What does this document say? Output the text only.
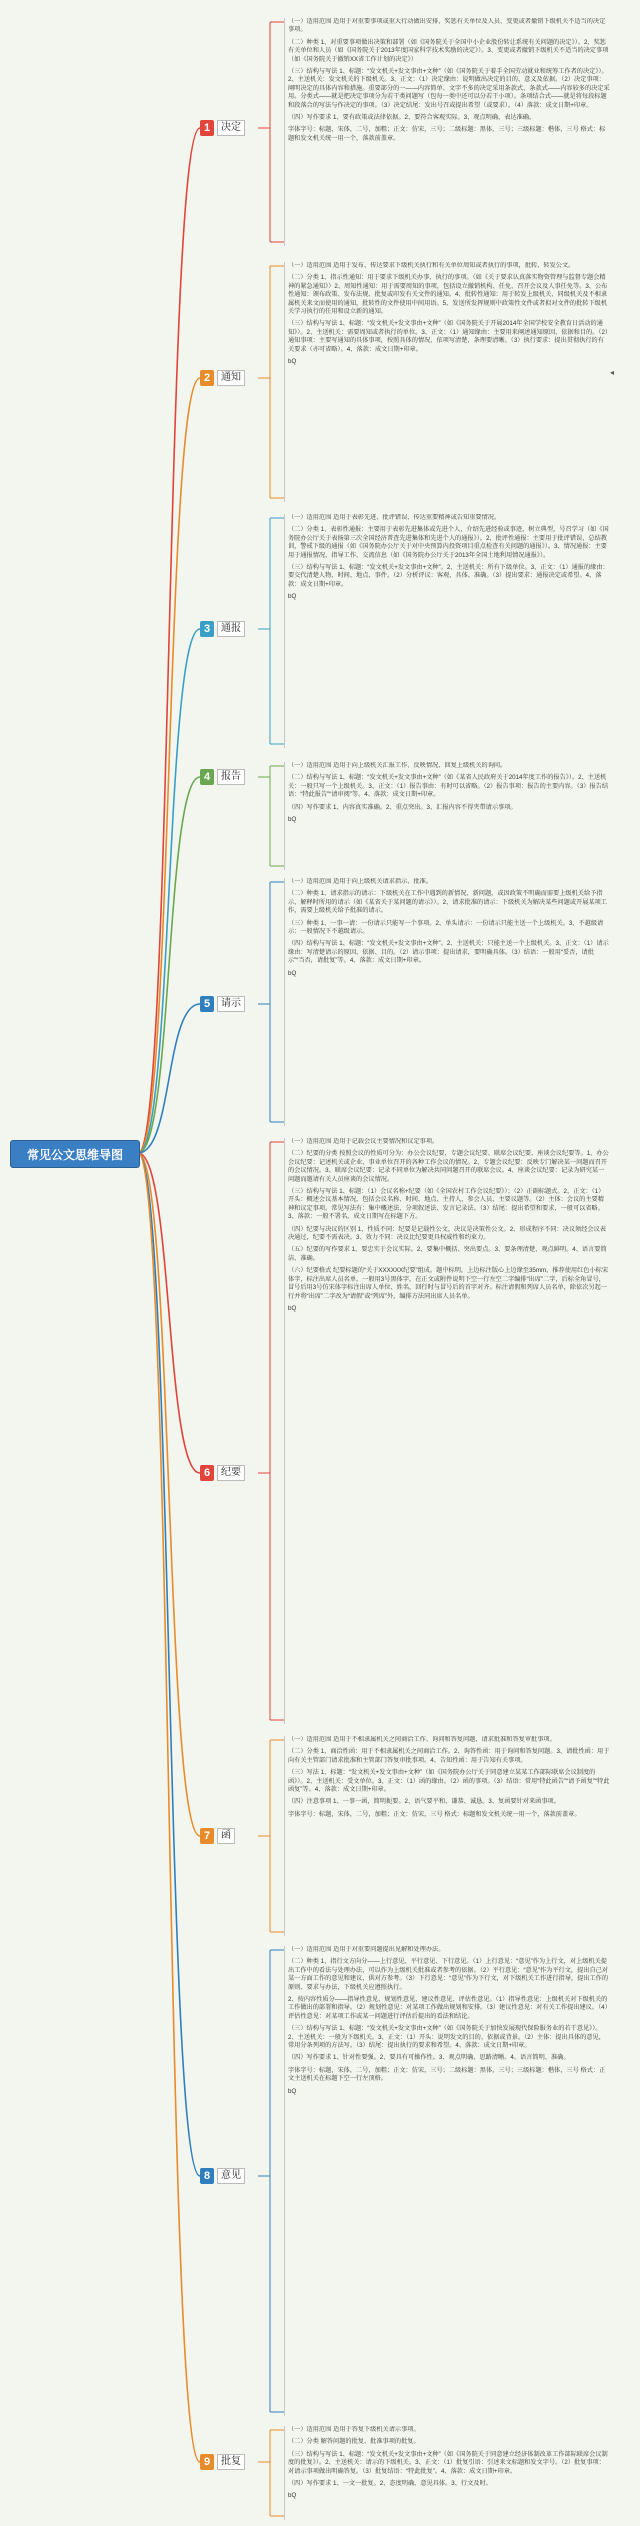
常见公文思维导图
1	决定

（一）适用范围 适用于对重要事项或重大行动做出安排、奖惩有关单位及人员、变更或者撤销下级机关不适当的决定事项。

（二）种类 1、对重要事项做出决策和部署（如《国务院关于全国中小企业股份转让系统有关问题的决定》）。2、奖惩有关单位和人员（如《国务院关于2013年度国家科学技术奖励的决定》）。3、变更或者撤销下级机关不适当的决定事项（如《国务院关于撤销XX省工作计划的决定》）

（三）结构与写法 1、标题：“发文机关+发文事由+文种”（如《国务院关于着手全国劳动就业和统筹工作者的决定》）。2、主送机关：发文机关的下级机关。3、正文：（1）决定缘由：说明做出决定的目的、意义及依据。（2）决定事项：阐明决定的具体内容和措施。重要部分的一——内容简单、文字不多的决定采用条款式、条款式——内容较多的决定采用。分类式——就是把决定事项分为若干类问题写（包每一类中还可以分若干小项）。条项结合式——就是将每段标题和段落合的写法与作决定的事项。（3）决定结尾：发出号召或提出希望（或要求）。（4）落款：成文日期+印章。

（四）写作要求 1、要有政策或法律依据。2、要符合客观实际。3、观点明确、表达准确。

字体字号：标题，宋体，二号，加粗；正文：仿宋，三号；二级标题：黑体，三号；三级标题：楷体，三号 格式：标题和发文机关统一用一个，落款前盖章。

2	通知

（一）适用范围 适用于发布、传达要求下级机关执行和有关单位周知或者执行的事项，批转、转发公文。

（二）分类 1、指示性通知：用于要求下级机关办事、执行的事项。（如《关于要求认真落实物资管理与监督专题会精神的紧急通知》）2、周知性通知：用于需要周知的事项，包括设立撤销机构、任免、召开会议及人事任免等。3、公布性通知：颁布政策、发布法规、批复或印发有关文件的通知。4、批转性通知：用于转发上级机关、同级机关及不相隶属机关来文而使用的通知，批转性的文件使用中间用语。5、发送所发挥规则中政策性文件或者拟对文件的批转下级机关学习执行的任用和设立新的通知。

（三）结构与写法 1、标题：“发文机关+发文事由+文种”（如《国务院关于开展2014年全国学校安全教育日活动的通知》）。2、主送机关：需要周知或者执行的单位。3、正文：（1）通知缘由：主要用来阐述通知原因、依据和目的。（2）通知事项：主要写通知的具体事项，按照具体的情况，依项写清楚，条理要清晰。（3）执行要求：提出贯彻执行的有关要求（亦可省略）。4、落款：成文日期+印章。

bQ

3	通报

（一）适用范围 适用于表彰先进、批评错误、传达重要精神或告知重要情况。

（二）分类 1、表彰性通报：主要用于表彰先进集体或先进个人，介绍先进经验或事迹，树立典型，号召学习（如《国务院办公厅关于表扬第三次全国经济普查先进集体和先进个人的通报》）。2、批评性通报：主要用于批评错误，总结教训，警戒下级的通报（如《国务院办公厅关于对中央预算内投资项目重点检查有关问题的通报》）。3、情况通报：主要用于通报情况，指导工作、交流信息（如《国务院办公厅关于2013年全国土地利用情况通报》）。

（三）结构与写法 1、标题：“发文机关+发文事由+文种”。2、主送机关：所有下级单位。3、正文：（1）通报的缘由：要交代清楚人物、时间、地点、事件。（2）分析评议：客观、具体、准确。（3）提出要求：通报决定或希望。4、落款：成文日期+印章。

bQ

4	报告

（一）适用范围 适用于向上级机关汇报工作、反映情况、回复上级机关的询问。

（二）结构与写法 1、标题：“发文机关+发文事由+文种”（如《某省人民政府关于2014年度工作的报告》）。2、主送机关：一般只写一个上级机关。3、正文：（1）报告事由：有时可以省略。（2）报告事项：报告的主要内容。（3）报告结语：“特此报告”“请审阅”等。4、落款：成文日期+印章。

（四）写作要求 1、内容真实准确。2、重点突出。3、汇报内容不得夹带请示事项。

bQ

5	请示

（一）适用范围 适用于向上级机关请求指示、批准。

（二）种类 1、请求指示的请示：下级机关在工作中遇到的新情况、新问题，或因政策不明确而需要上级机关给予指示、解释时所用的请示（如《某省关于某问题的请示》）。2、请求批准的请示：下级机关为解决某些问题或开展某项工作，需要上级机关给予批准的请示。

（三）种类 1、一事一请：一份请示只能写一个事项。2、单头请示：一份请示只能主送一个上级机关。3、不越级请示：一般情况下不越级请示。

（四）结构与写法 1、标题：“发文机关+发文事由+文种”。2、主送机关：只能主送一个上级机关。3、正文：（1）请示缘由：写清楚请示的原因、依据、目的。（2）请示事项：提出请求，要明确具体。（3）结语：一般用“妥否，请批示”“当否，请批复”等。4、落款：成文日期+印章。

bQ

6	纪要

（一）适用范围 适用于记载会议主要情况和议定事项。

（二）纪要的分类 按照会议的性质可分为：办公会议纪要、专题会议纪要、联席会议纪要、座谈会议纪要等。1、办公会议纪要：记述机关或企业、事业单位召开的各种工作会议的情况。2、专题会议纪要：反映专门解决某一问题而召开的会议情况。3、联席会议纪要：记录不同单位为解决共同问题召开的联席会议。4、座谈会议纪要：记录为研究某一问题而邀请有关人员座谈的会议情况。

（三）结构与写法 1、标题：（1）会议名称+纪要（如《全国农村工作会议纪要》）；（2）正副标题式。2、正文：（1）开头：概述会议基本情况，包括会议名称、时间、地点、主持人、参会人员、主要议题等。（2）主体：会议的主要精神和议定事项。常见写法有：集中概述法、分项叙述法、发言记录法。（3）结尾：提出希望和要求，一般可以省略。3、落款：一般不署名，成文日期写在标题下方。

（四）纪要与决议的区别 1、性质不同：纪要是记载性公文，决议是决策性公文。2、形成程序不同：决议须经会议表决通过，纪要不需表决。3、效力不同：决议比纪要更具权威性和约束力。

（五）纪要的写作要求 1、要忠实于会议实际。2、要集中概括、突出要点。3、要条理清楚、观点鲜明。4、语言要简洁、准确。

（六）纪要格式 纪要标题的“关于XXXXXX纪要”组成。题中标明，上边标注版心上边缘至35mm，推荐使用红色小标宋体字，标注出席人员名单，一般用3号黑体字，在正文或附件说明下空一行左空二字编排“出席”二字，后标全角冒号，冒号后用3号仿宋体字标注出席人单位、姓名，回行时与冒号后的首字对齐。标注请假和列席人员名单，除依次另起一行并将“出席”二字改为“请假”或“列席”外，编排方法同出席人员名单。

bQ

7	函

（一）适用范围 适用于不相隶属机关之间商洽工作、询问和答复问题、请求批准和答复审批事项。

（二）分类 1、商洽性函：用于不相隶属机关之间商洽工作。2、询答性函：用于询问和答复问题。3、请批性函：用于向有关主管部门请求批准和主管部门答复审批事项。4、告知性函：用于告知有关事项。

（三）写法 1、标题：“发文机关+发文事由+文种”（如《国务院办公厅关于同意建立某某工作部际联席会议制度的函》）。2、主送机关：受文单位。3、正文：（1）函的缘由。（2）函的事项。（3）结语：常用“特此函告”“请予函复”“特此函复”等。4、落款：成文日期+印章。

（四）注意事项 1、一事一函，简明扼要。2、语气要平和、谦恭、诚恳。3、复函要针对来函事项。

字体字号：标题，宋体，二号，加粗；正文：仿宋，三号 格式：标题和发文机关统一用一个，落款前盖章。

8	意见

（一）适用范围 适用于对重要问题提出见解和处理办法。

（二）种类 1、指行文方向分——上行意见、平行意见、下行意见。（1）上行意见：“意见”作为上行文，对上级机关提出工作中的看法与处理办法，可以作为上级机关批准或者参考的依据。（2）平行意见：“意见”作为平行文，提出自己对某一方面工作的意见和建议，供对方参考。（3）下行意见：“意见”作为下行文，对下级机关工作进行指导，提出工作的原则、要求与办法，下级机关应遵照执行。

2、按内容性质分——指导性意见、规划性意见、建议性意见、评估性意见。（1）指导性意见：上级机关对下级机关的工作做出的部署和指导。（2）规划性意见：对某项工作做出规划和安排。（3）建议性意见：对有关工作提出建议。（4）评估性意见：对某项工作或某一问题进行评估后提出的看法和结论。

（三）结构与写法 1、标题：“发文机关+发文事由+文种”（如《国务院关于加快发展现代保险服务业的若干意见》）。2、主送机关：一般为下级机关。3、正文：（1）开头：说明发文的目的、依据或背景。（2）主体：提出具体的意见，常用分条列项的方法写。（3）结尾：提出执行的要求和希望。4、落款：成文日期+印章。

（四）写作要求 1、针对性要强。2、要具有可操作性。3、观点明确、思路清晰。4、语言简明、准确。

字体字号：标题，宋体，二号，加粗；正文：仿宋，三号；二级标题：黑体，三号；三级标题：楷体，三号 格式：正文主送机关在标题下空一行左顶格。

bQ

9	批复

（一）适用范围 适用于答复下级机关请示事项。

（二）分类 解答问题的批复、批准事项的批复。

（三）结构与写法 1、标题：“发文机关+发文事由+文种”（如《国务院关于同意建立经济体制改革工作部际联席会议制度的批复》）。2、主送机关：请示的下级机关。3、正文：（1）批复引语：引述来文标题和发文字号。（2）批复事项：对请示事项做出明确答复。（3）批复结语：“特此批复”。4、落款：成文日期+印章。

（四）写作要求 1、一文一批复。2、态度明确、意见具体。3、行文及时。

bQ

◂
